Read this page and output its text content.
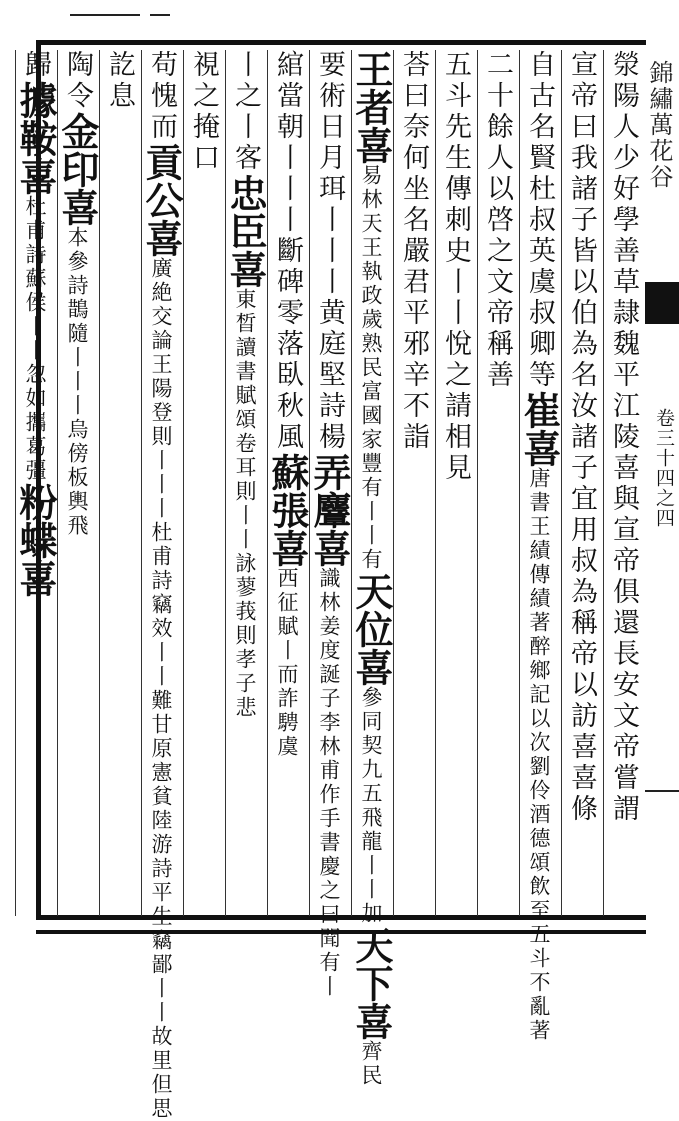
錦繡萬花谷
卷三十四之四
滎陽人少好學善草隷魏平江陵喜與宣帝俱還長安文帝嘗謂
宣帝曰我諸子皆以伯為名汝諸子宜用叔為稱帝以訪喜喜條
自古名賢杜叔英虞叔卿等崔喜唐書王績傳績著醉鄉記以次劉伶酒德頌飲至五斗不亂著
二十餘人以啓之文帝稱善
五斗先生傳刺史丨丨悅之請相見
荅曰奈何坐名嚴君平邪辛不詣
王者喜易林天王執政歲熟民富國家豐有丨丨有天位喜參同契九五飛龍丨丨加天下喜齊民
要術日月珥丨丨丨黄庭堅詩楊弄麞喜識林姜度誕子李林甫作手書慶之曰聞有丨
綰當朝丨丨丨斷碑零落臥秋風蘇張喜西征賦丨而詐騁虞
丨之丨客忠臣喜東晳讀書賦頌卷耳則丨丨詠蓼莪則孝子悲
視之掩口
苟愧而貢公喜廣絶交論王陽登則丨丨丨杜甫詩竊效丨丨難甘原憲貧陸游詩平生竊鄙丨丨故里但思
訖息
陶令金印喜本參詩鵲隨丨丨丨烏傍板輿飛
歸據鞍喜杜甫詩蘇侯丨丨忽如攜葛彊粉蝶喜
